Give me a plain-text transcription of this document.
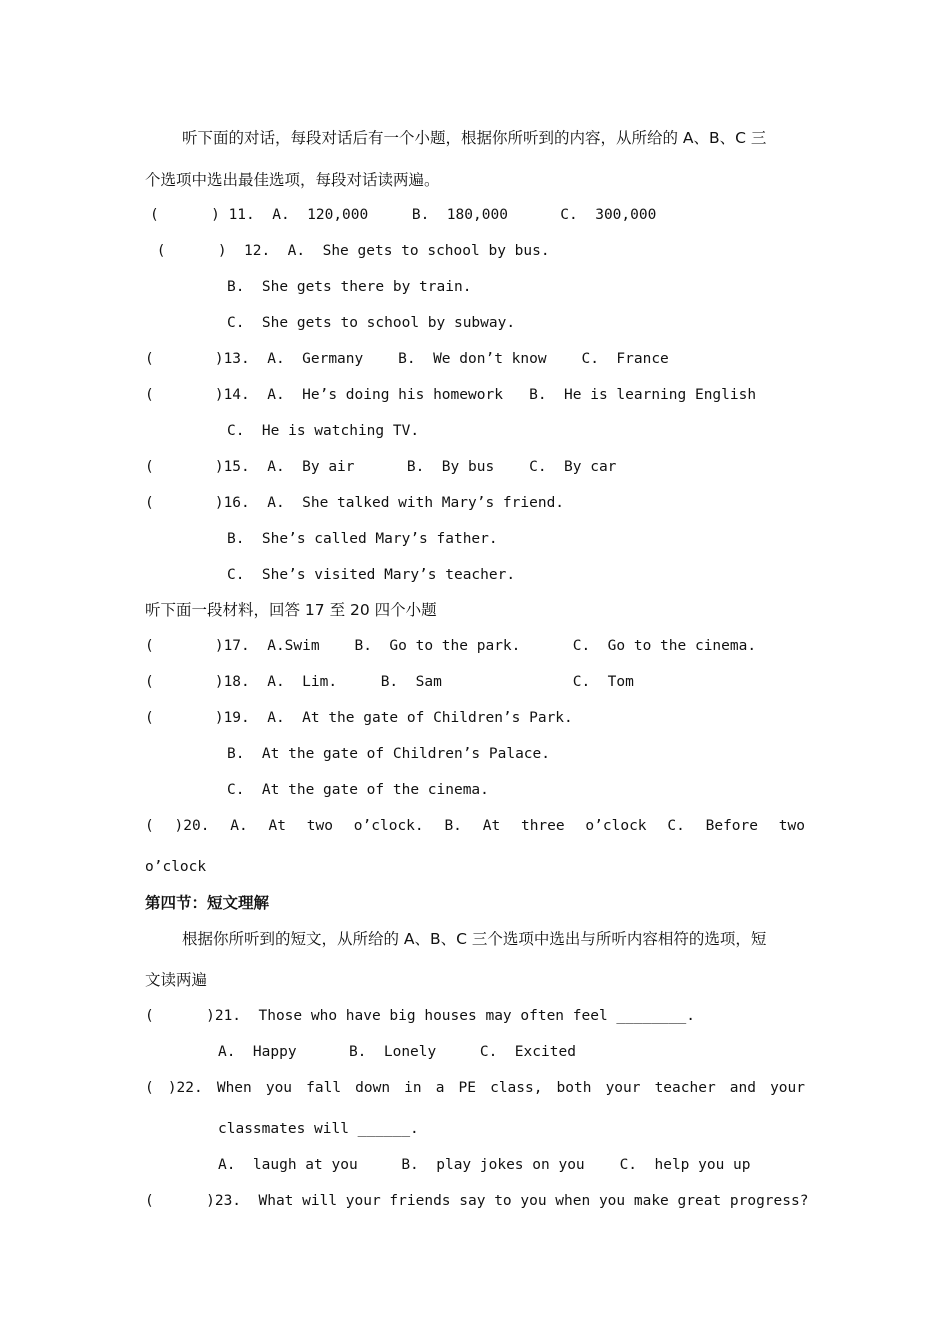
听下面的对话，每段对话后有一个小题，根据你所听到的内容，从所给的 A、B、C 三
个选项中选出最佳选项，每段对话读两遍。
(      ) 11.  A.  120,000     B.  180,000      C.  300,000
(      )  12.  A.  She gets to school by bus.
B.  She gets there by train.
C.  She gets to school by subway.
(       )13.  A.  Germany    B.  We don’t know    C.  France
(       )14.  A.  He’s doing his homework   B.  He is learning English
C.  He is watching TV.
(       )15.  A.  By air      B.  By bus    C.  By car
(       )16.  A.  She talked with Mary’s friend.
B.  She’s called Mary’s father.
C.  She’s visited Mary’s teacher.
听下面一段材料，回答 17 至 20 四个小题
(       )17.  A.Swim    B.  Go to the park.      C.  Go to the cinema.
(       )18.  A.  Lim.     B.  Sam               C.  Tom
(       )19.  A.  At the gate of Children’s Park.
B.  At the gate of Children’s Palace.
C.  At the gate of the cinema.
( )20. A. At two o’clock. B. At three o’clock C. Before two
o’clock
第四节：短文理解
根据你所听到的短文，从所给的 A、B、C 三个选项中选出与所听内容相符的选项，短
文读两遍
(      )21.  Those who have big houses may often feel ________.
A.  Happy      B.  Lonely     C.  Excited
( )22. When you fall down in a PE class, both your teacher and your
classmates will ______.
A.  laugh at you     B.  play jokes on you    C.  help you up
(      )23.  What will your friends say to you when you make great progress?
